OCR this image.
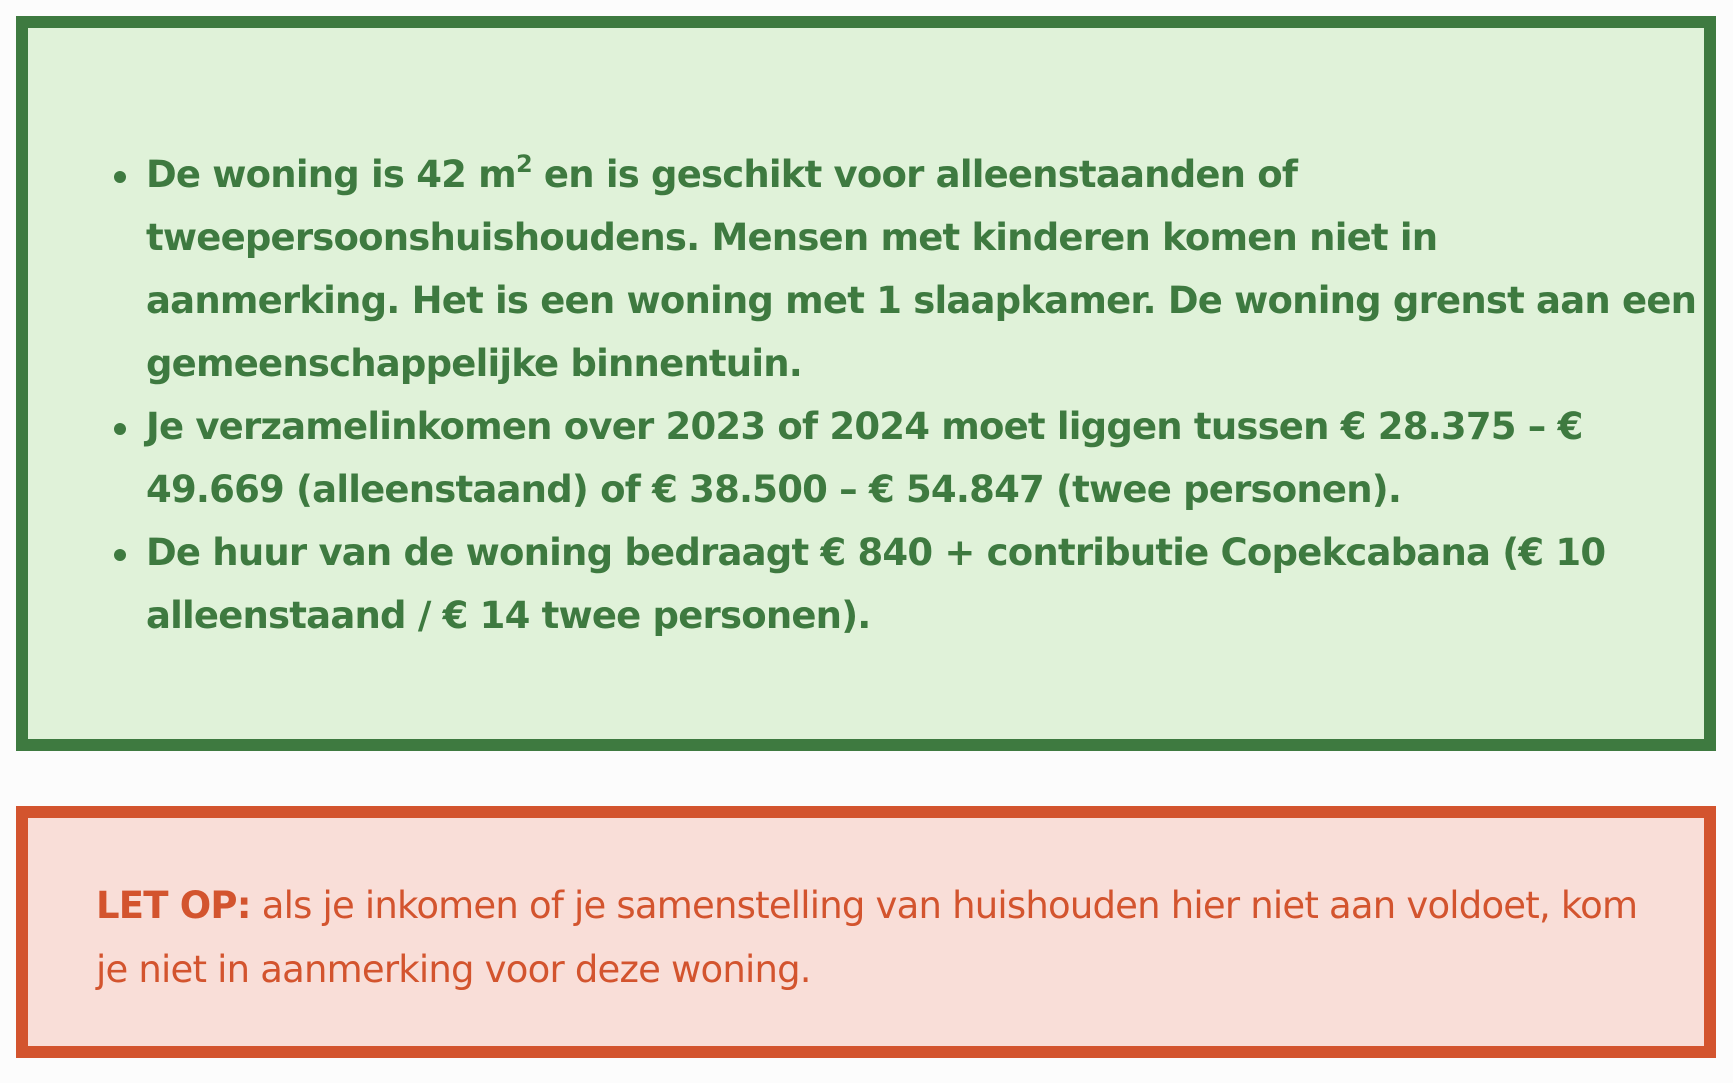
De woning is 42 $m^2$ en is geschikt voor alleenstaanden of tweepersoonshuishoudens. Mensen met kinderen komen niet in aanmerking. Het is een woning met 1 slaapkamer. De woning grenst aan een gemeenschappelijke binnentuin.
Je verzamelinkomen over 2023 of 2024 moet liggen tussen € 28.375 – € 49.669 (alleenstaand) of € 38.500 – € 54.847 (twee personen).
De huur van de woning bedraagt € 840 + contributie Copekcabana (€ 10 alleenstaand / € 14 twee personen).

LET OP: als je inkomen of je samenstelling van huishouden hier niet aan voldoet, kom je niet in aanmerking voor deze woning.
